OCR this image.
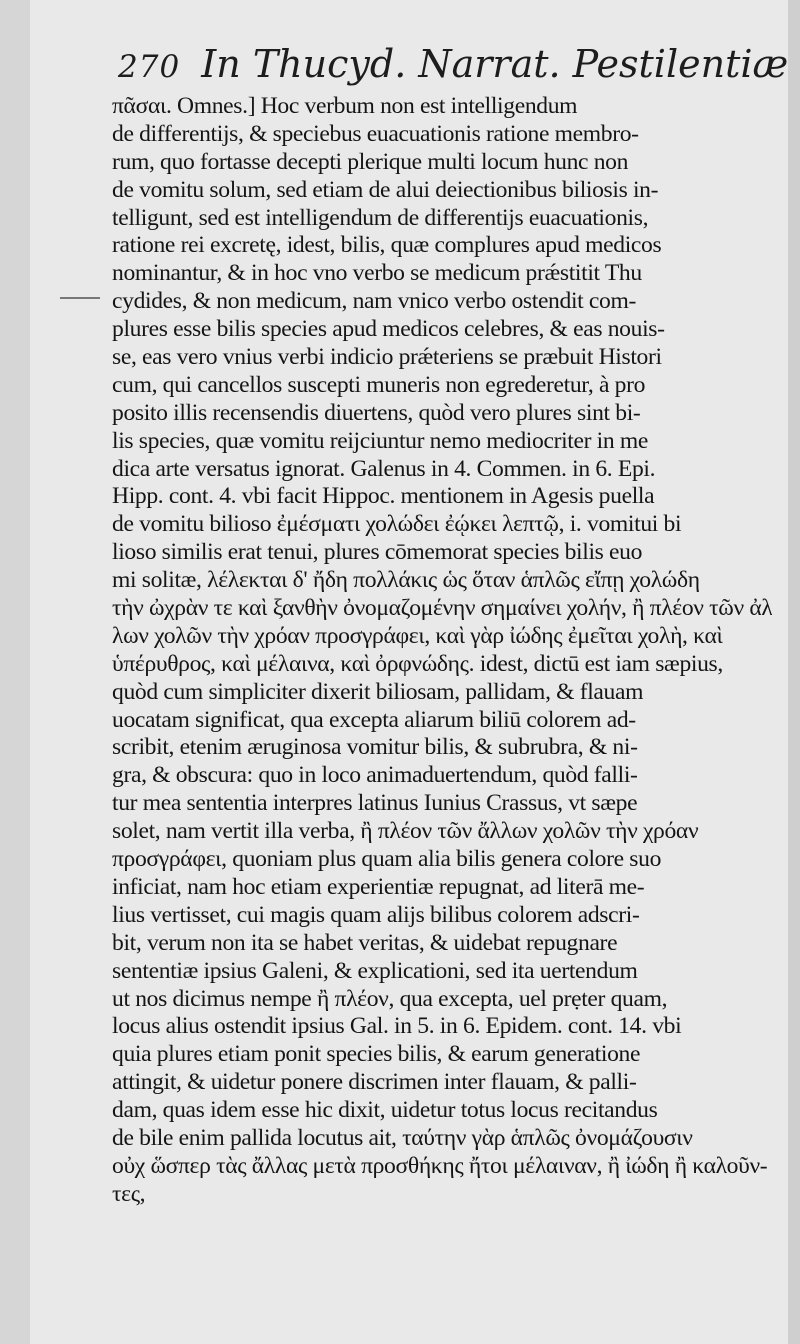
270 In Thucyd. Narrat. Pestilentiæ
πᾶσαι. Omnes.] Hoc verbum non est intelligendum
de differentijs, & speciebus euacuationis ratione membro-
rum, quo fortasse decepti plerique multi locum hunc non
de vomitu solum, sed etiam de alui deiectionibus biliosis in-
telligunt, sed est intelligendum de differentijs euacuationis,
ratione rei excretę, idest, bilis, quæ complures apud medicos
nominantur, & in hoc vno verbo se medicum prǽstitit Thu
cydides, & non medicum, nam vnico verbo ostendit com-
plures esse bilis species apud medicos celebres, & eas nouis-
se, eas vero vnius verbi indicio prǽteriens se præbuit Histori
cum, qui cancellos suscepti muneris non egrederetur, à pro
posito illis recensendis diuertens, quòd vero plures sint bi-
lis species, quæ vomitu reijciuntur nemo mediocriter in me
dica arte versatus ignorat. Galenus in 4. Commen. in 6. Epi.
Hipp. cont. 4. vbi facit Hippoc. mentionem in Agesis puella
de vomitu bilioso ἐμέσματι χολώδει ἐῴκει λεπτῷ, i. vomitui bi
lioso similis erat tenui, plures cōmemorat species bilis euo
mi solitæ, λέλεκται δ' ἤδη πολλάκις ὡς ὅταν ἁπλῶς εἴπῃ χολώδη
τὴν ὠχρὰν τε καὶ ξανθὴν ὀνομαζομένην σημαίνει χολήν, ἢ πλέον τῶν ἀλ
λων χολῶν τὴν χρόαν προσγράφει, καὶ γὰρ ἰώδης ἐμεῖται χολὴ, καὶ
ὑπέρυθρος, καὶ μέλαινα, καὶ ὀρφνώδης. idest, dictū est iam sæpius,
quòd cum simpliciter dixerit biliosam, pallidam, & flauam
uocatam significat, qua excepta aliarum biliū colorem ad-
scribit, etenim æruginosa vomitur bilis, & subrubra, & ni-
gra, & obscura: quo in loco animaduertendum, quòd falli-
tur mea sententia interpres latinus Iunius Crassus, vt sæpe
solet, nam vertit illa verba, ἢ πλέον τῶν ἄλλων χολῶν τὴν χρόαν
προσγράφει, quoniam plus quam alia bilis genera colore suo
inficiat, nam hoc etiam experientiæ repugnat, ad literā me-
lius vertisset, cui magis quam alijs bilibus colorem adscri-
bit, verum non ita se habet veritas, & uidebat repugnare
sententiæ ipsius Galeni, & explicationi, sed ita uertendum
ut nos dicimus nempe ἢ πλέον, qua excepta, uel prẹter quam,
locus alius ostendit ipsius Gal. in 5. in 6. Epidem. cont. 14. vbi
quia plures etiam ponit species bilis, & earum generatione
attingit, & uidetur ponere discrimen inter flauam, & palli-
dam, quas idem esse hic dixit, uidetur totus locus recitandus
de bile enim pallida locutus ait, ταύτην γὰρ ἁπλῶς ὀνομάζουσιν
οὐχ ὥσπερ τὰς ἄλλας μετὰ προσθήκης ἤτοι μέλαιναν, ἢ ἰώδη ἢ καλοῦν-
τες,
